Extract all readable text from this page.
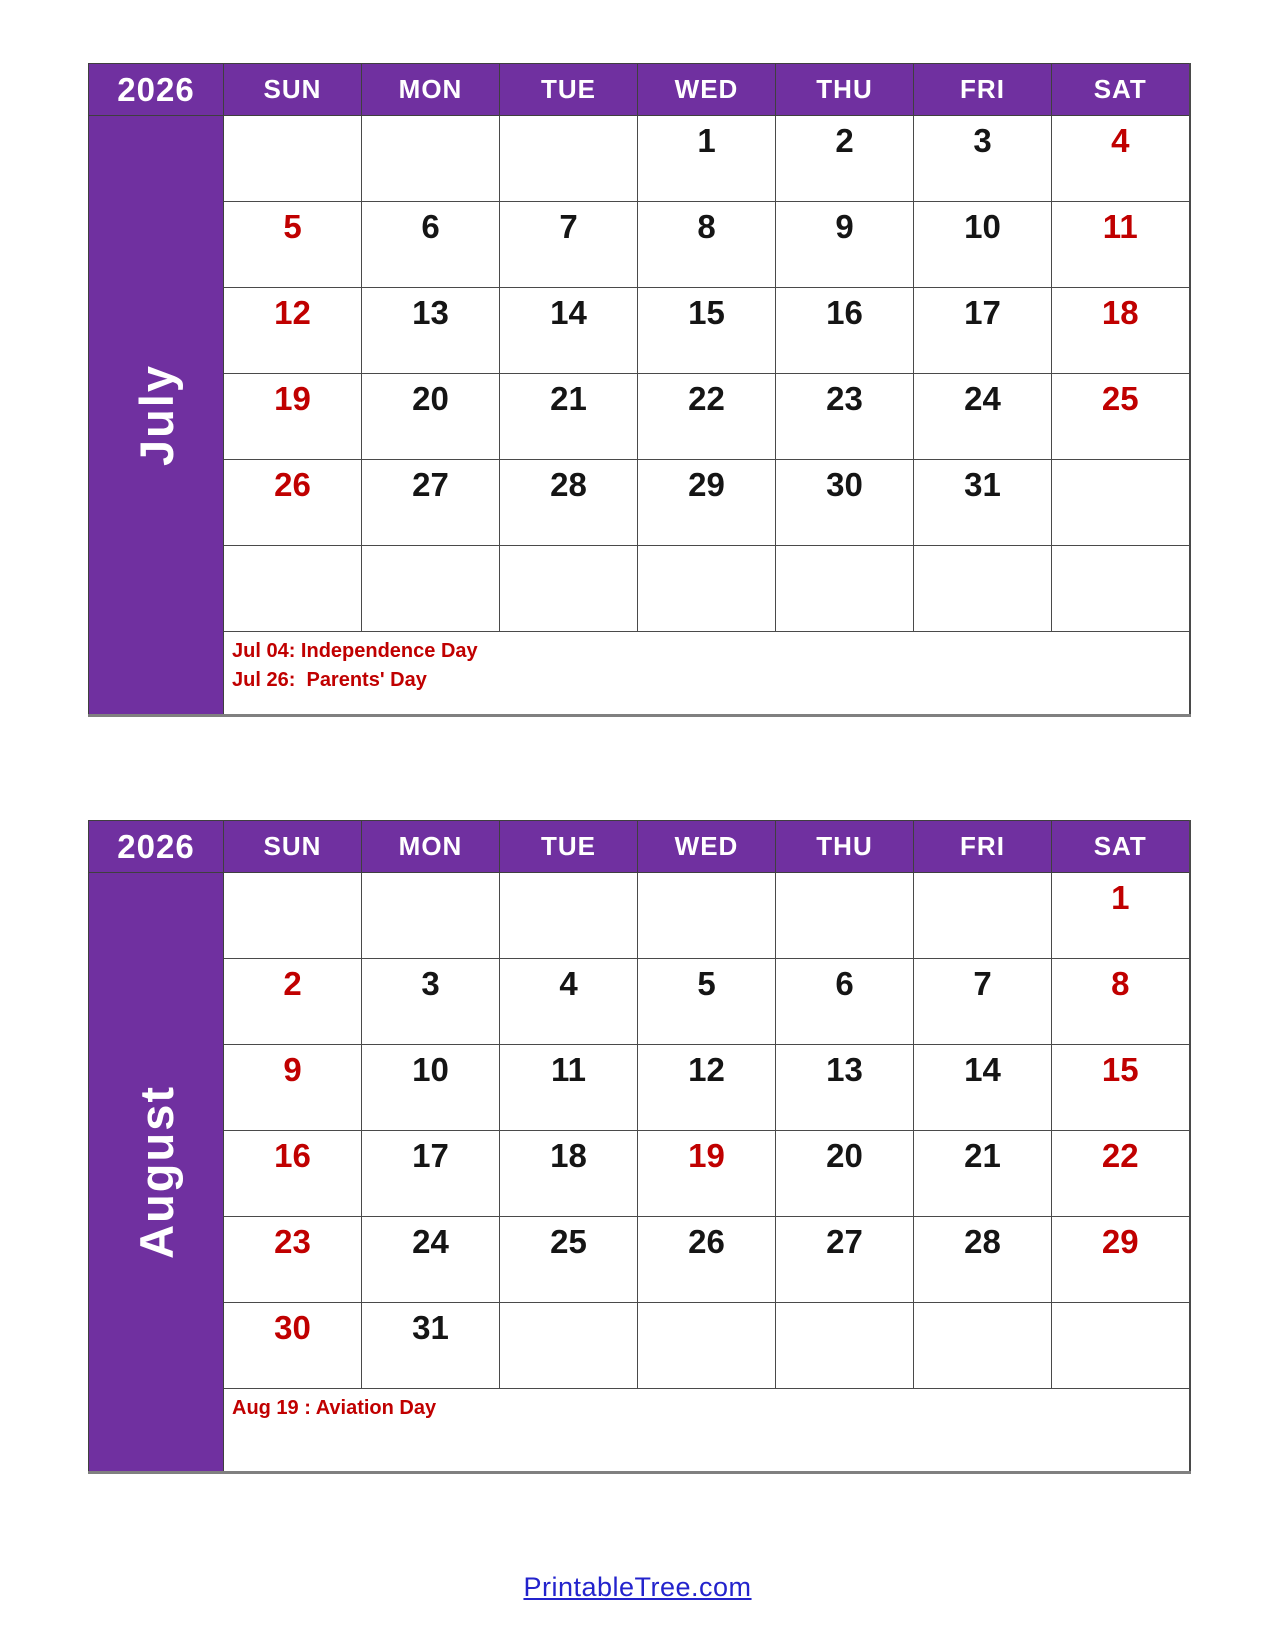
2026	SUN	MON	TUE	WED	THU	FRI	SAT

July				1	2	3	4
	5	6	7	8	9	10	11
	12	13	14	15	16	17	18
	19	20	21	22	23	24	25
	26	27	28	29	30	31	

	Jul 04: Independence Day
Jul 26:  Parents' Day						
2026	SUN	MON	TUE	WED	THU	FRI	SAT

August							1
	2	3	4	5	6	7	8
	9	10	11	12	13	14	15
	16	17	18	19	20	21	22
	23	24	25	26	27	28	29
	30	31					

	Aug 19 : Aviation Day						
PrintableTree.com
